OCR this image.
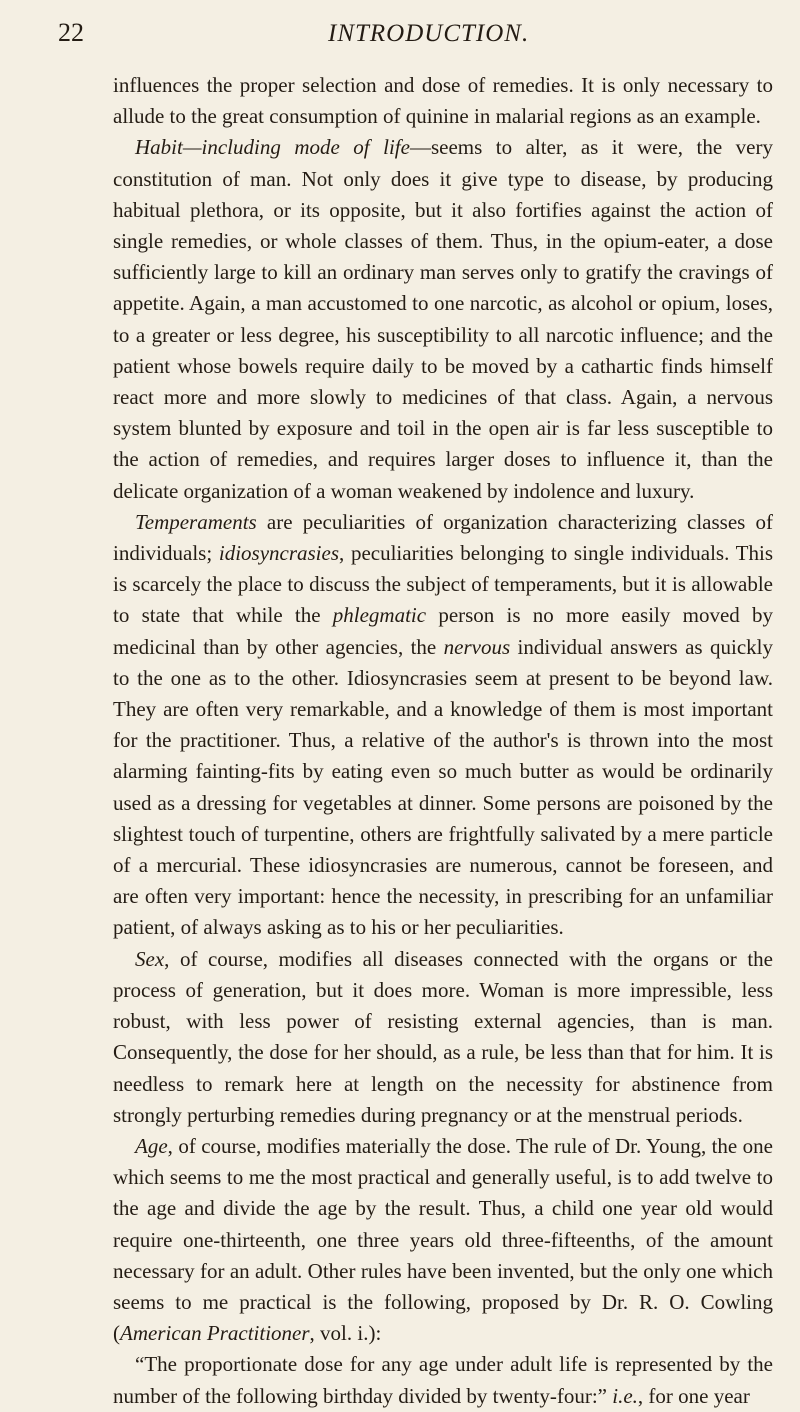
22	INTRODUCTION.

influences the proper selection and dose of remedies. It is only necessary to allude to the great consumption of quinine in malarial regions as an example.

Habit—including mode of life—seems to alter, as it were, the very constitution of man. Not only does it give type to disease, by producing habitual plethora, or its opposite, but it also fortifies against the action of single remedies, or whole classes of them. Thus, in the opium-eater, a dose sufficiently large to kill an ordinary man serves only to gratify the cravings of appetite. Again, a man accustomed to one narcotic, as alcohol or opium, loses, to a greater or less degree, his susceptibility to all narcotic influence; and the patient whose bowels require daily to be moved by a cathartic finds himself react more and more slowly to medicines of that class. Again, a nervous system blunted by exposure and toil in the open air is far less susceptible to the action of remedies, and requires larger doses to influence it, than the delicate organization of a woman weakened by indolence and luxury.

Temperaments are peculiarities of organization characterizing classes of individuals; idiosyncrasies, peculiarities belonging to single individuals. This is scarcely the place to discuss the subject of temperaments, but it is allowable to state that while the phlegmatic person is no more easily moved by medicinal than by other agencies, the nervous individual answers as quickly to the one as to the other. Idiosyncrasies seem at present to be beyond law. They are often very remarkable, and a knowledge of them is most important for the practitioner. Thus, a relative of the author's is thrown into the most alarming fainting-fits by eating even so much butter as would be ordinarily used as a dressing for vegetables at dinner. Some persons are poisoned by the slightest touch of turpentine, others are frightfully salivated by a mere particle of a mercurial. These idiosyncrasies are numerous, cannot be foreseen, and are often very important: hence the necessity, in prescribing for an unfamiliar patient, of always asking as to his or her peculiarities.

Sex, of course, modifies all diseases connected with the organs or the process of generation, but it does more. Woman is more impressible, less robust, with less power of resisting external agencies, than is man. Consequently, the dose for her should, as a rule, be less than that for him. It is needless to remark here at length on the necessity for abstinence from strongly perturbing remedies during pregnancy or at the menstrual periods.

Age, of course, modifies materially the dose. The rule of Dr. Young, the one which seems to me the most practical and generally useful, is to add twelve to the age and divide the age by the result. Thus, a child one year old would require one-thirteenth, one three years old three-fifteenths, of the amount necessary for an adult. Other rules have been invented, but the only one which seems to me practical is the following, proposed by Dr. R. O. Cowling (American Practitioner, vol. i.):

“The proportionate dose for any age under adult life is represented by the number of the following birthday divided by twenty-four:” i.e., for one year
